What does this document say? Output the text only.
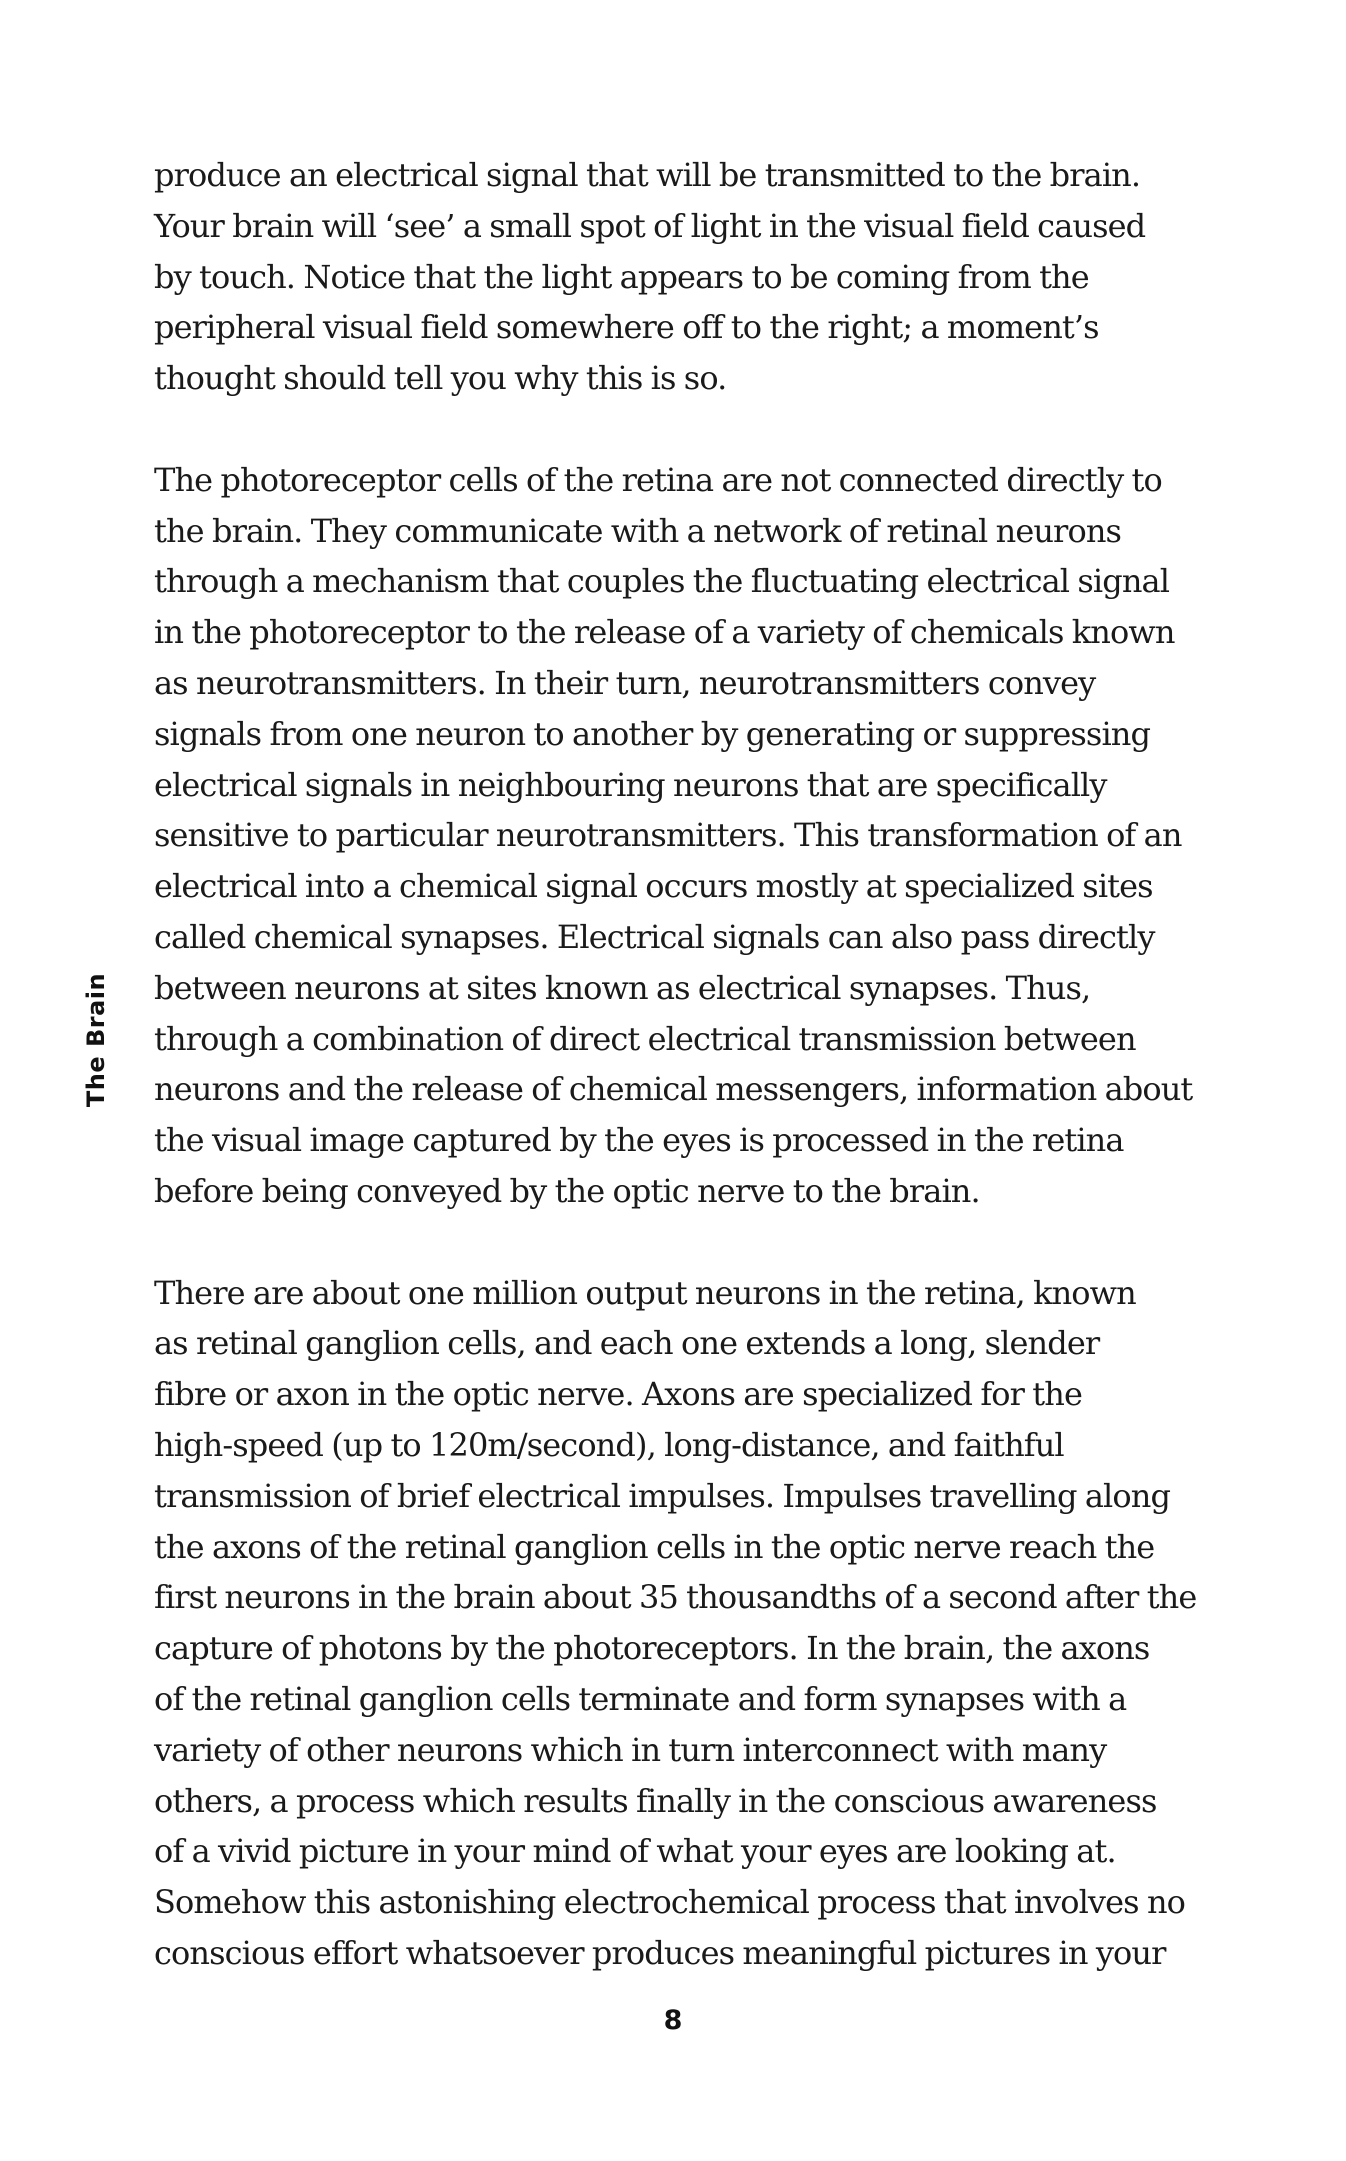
The Brain

produce an electrical signal that will be transmitted to the brain.

Your brain will ‘see’ a small spot of light in the visual field caused

by touch. Notice that the light appears to be coming from the

peripheral visual field somewhere off to the right; a moment’s

thought should tell you why this is so.

The photoreceptor cells of the retina are not connected directly to

the brain. They communicate with a network of retinal neurons

through a mechanism that couples the fluctuating electrical signal

in the photoreceptor to the release of a variety of chemicals known

as neurotransmitters. In their turn, neurotransmitters convey

signals from one neuron to another by generating or suppressing

electrical signals in neighbouring neurons that are specifically

sensitive to particular neurotransmitters. This transformation of an

electrical into a chemical signal occurs mostly at specialized sites

called chemical synapses. Electrical signals can also pass directly

between neurons at sites known as electrical synapses. Thus,

through a combination of direct electrical transmission between

neurons and the release of chemical messengers, information about

the visual image captured by the eyes is processed in the retina

before being conveyed by the optic nerve to the brain.

There are about one million output neurons in the retina, known

as retinal ganglion cells, and each one extends a long, slender

fibre or axon in the optic nerve. Axons are specialized for the

high-speed (up to 120m/second), long-distance, and faithful

transmission of brief electrical impulses. Impulses travelling along

the axons of the retinal ganglion cells in the optic nerve reach the

first neurons in the brain about 35 thousandths of a second after the

capture of photons by the photoreceptors. In the brain, the axons

of the retinal ganglion cells terminate and form synapses with a

variety of other neurons which in turn interconnect with many

others, a process which results finally in the conscious awareness

of a vivid picture in your mind of what your eyes are looking at.

Somehow this astonishing electrochemical process that involves no

conscious effort whatsoever produces meaningful pictures in your

8
